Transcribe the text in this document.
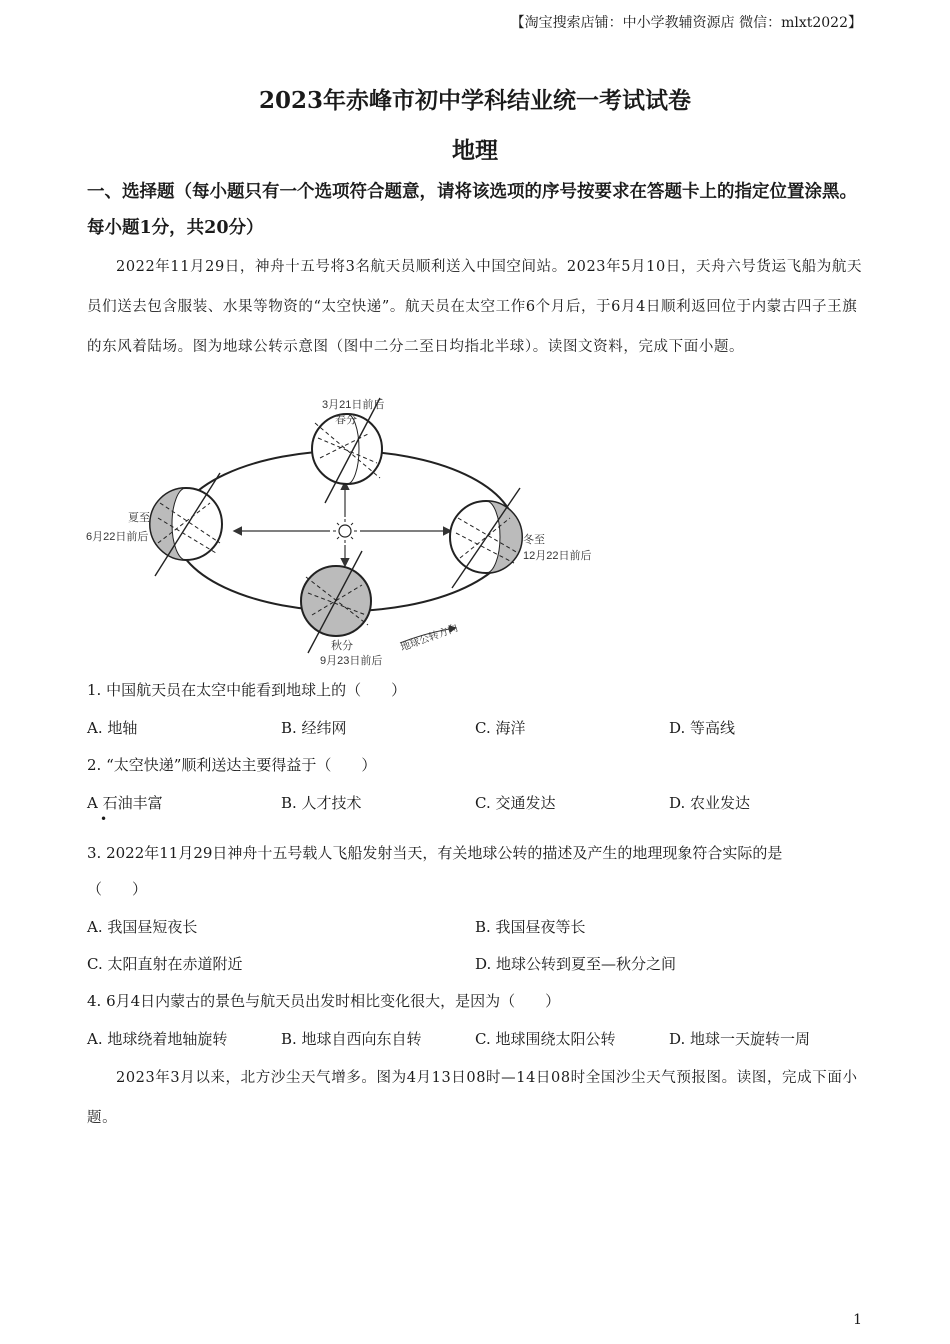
【淘宝搜索店铺：中小学教辅资源店 微信：mlxt2022】
2023年赤峰市初中学科结业统一考试试卷
地理
一、选择题（每小题只有一个选项符合题意，请将该选项的序号按要求在答题卡上的指定位置涂黑。每小题1分，共20分）
2022年11月29日，神舟十五号将3名航天员顺利送入中国空间站。2023年5月10日，天舟六号货运飞船为航天员们送去包含服装、水果等物资的“太空快递”。航天员在太空工作6个月后，于6月4日顺利返回位于内蒙古四子王旗的东风着陆场。图为地球公转示意图（图中二分二至日均指北半球）。读图文资料，完成下面小题。
3月21日前后
春分
夏至
6月22日前后	冬至
12月22日前后
秋分
9月23日前后
地球公转方向
1. 中国航天员在太空中能看到地球上的（　　）
A. 地轴	B. 经纬网	C. 海洋	D. 等高线
2. “太空快递”顺利送达主要得益于（　　）
A 石油丰富	B. 人才技术	C. 交通发达	D. 农业发达
•
3. 2022年11月29日神舟十五号载人飞船发射当天，有关地球公转的描述及产生的地理现象符合实际的是
（　　）
A. 我国昼短夜长	B. 我国昼夜等长
C. 太阳直射在赤道附近	D. 地球公转到夏至—秋分之间
4. 6月4日内蒙古的景色与航天员出发时相比变化很大，是因为（　　）
A. 地球绕着地轴旋转	B. 地球自西向东自转	C. 地球围绕太阳公转	D. 地球一天旋转一周
2023年3月以来，北方沙尘天气增多。图为4月13日08时—14日08时全国沙尘天气预报图。读图，完成下面小题。
1
